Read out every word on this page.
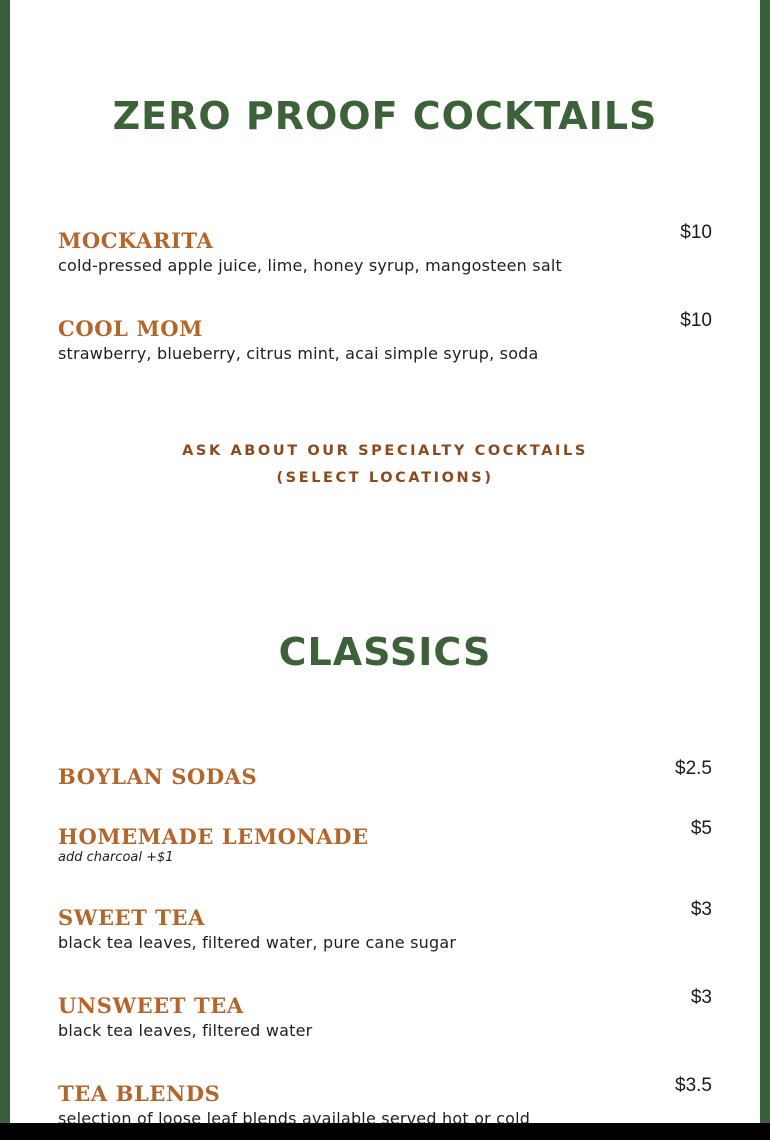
ZERO PROOF COCKTAILS
MOCKARITA	$10
cold-pressed apple juice, lime, honey syrup, mangosteen salt
COOL MOM	$10
strawberry, blueberry, citrus mint, acai simple syrup, soda
ASK ABOUT OUR SPECIALTY COCKTAILS
(SELECT LOCATIONS)
CLASSICS
BOYLAN SODAS	$2.5
HOMEMADE LEMONADE	$5
add charcoal +$1
SWEET TEA	$3
black tea leaves, filtered water, pure cane sugar
UNSWEET TEA	$3
black tea leaves, filtered water
TEA BLENDS	$3.5
selection of loose leaf blends available served hot or cold
